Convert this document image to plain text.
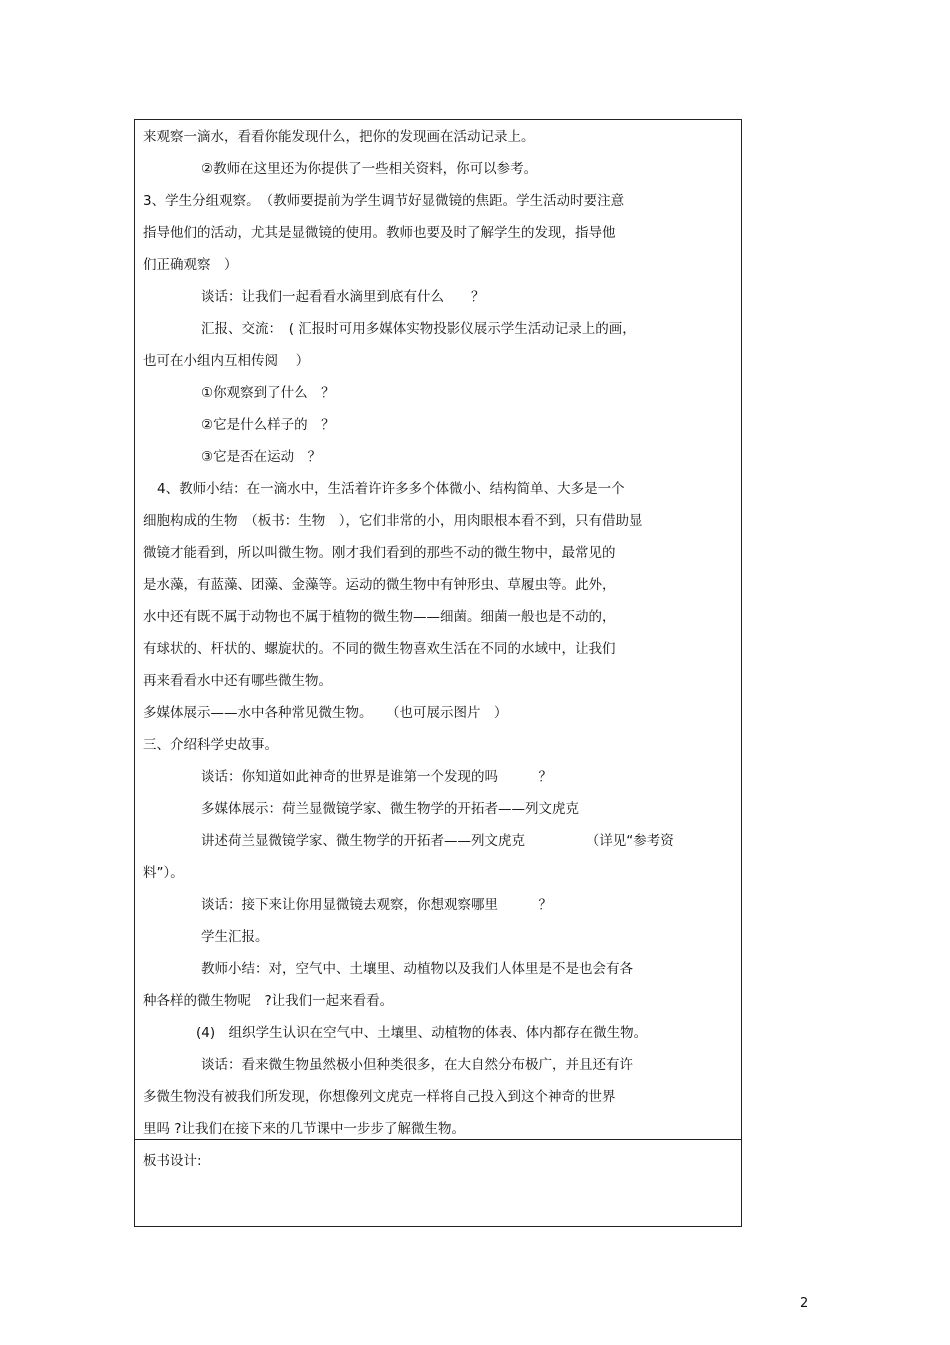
来观察一滴水，看看你能发现什么，把你的发现画在活动记录上。
②教师在这里还为你提供了一些相关资料，你可以参考。
3、学生分组观察。　（教师要提前为学生调节好显微镜的焦距。学生活动时要注意
指导他们的活动，尤其是显微镜的使用。教师也要及时了解学生的发现，指导他
们正确观察　）
谈话：让我们一起看看水滴里到底有什么　　？
汇报、交流：　( 汇报时可用多媒体实物投影仪展示学生活动记录上的画，
也可在小组内互相传阅　 ）
①你观察到了什么　？
②它是什么样子的　？
③它是否在运动　？
4、教师小结：在一滴水中，生活着许许多多个体微小、结构简单、大多是一个
细胞构成的生物　（板书：生物　），它们非常的小，用肉眼根本看不到，只有借助显
微镜才能看到，所以叫微生物。刚才我们看到的那些不动的微生物中，最常见的
是水藻，有蓝藻、团藻、金藻等。运动的微生物中有钟形虫、草履虫等。此外，
水中还有既不属于动物也不属于植物的微生物——细菌。细菌一般也是不动的，
有球状的、杆状的、螺旋状的。不同的微生物喜欢生活在不同的水域中，让我们
再来看看水中还有哪些微生物。
多媒体展示——水中各种常见微生物。　　（也可展示图片　）
三、介绍科学史故事。
谈话：你知道如此神奇的世界是谁第一个发现的吗　　　？
多媒体展示：荷兰显微镜学家、微生物学的开拓者——列文虎克
讲述荷兰显微镜学家、微生物学的开拓者——列文虎克　　　　　（详见“参考资
料”）。
谈话：接下来让你用显微镜去观察，你想观察哪里　　　？
学生汇报。
教师小结：对，空气中、土壤里、动植物以及我们人体里是不是也会有各
种各样的微生物呢　?让我们一起来看看。
(4)　组织学生认识在空气中、土壤里、动植物的体表、体内都存在微生物。
谈话：看来微生物虽然极小但种类很多，在大自然分布极广，并且还有许
多微生物没有被我们所发现，你想像列文虎克一样将自己投入到这个神奇的世界
里吗 ?让我们在接下来的几节课中一步步了解微生物。
板书设计:
2
